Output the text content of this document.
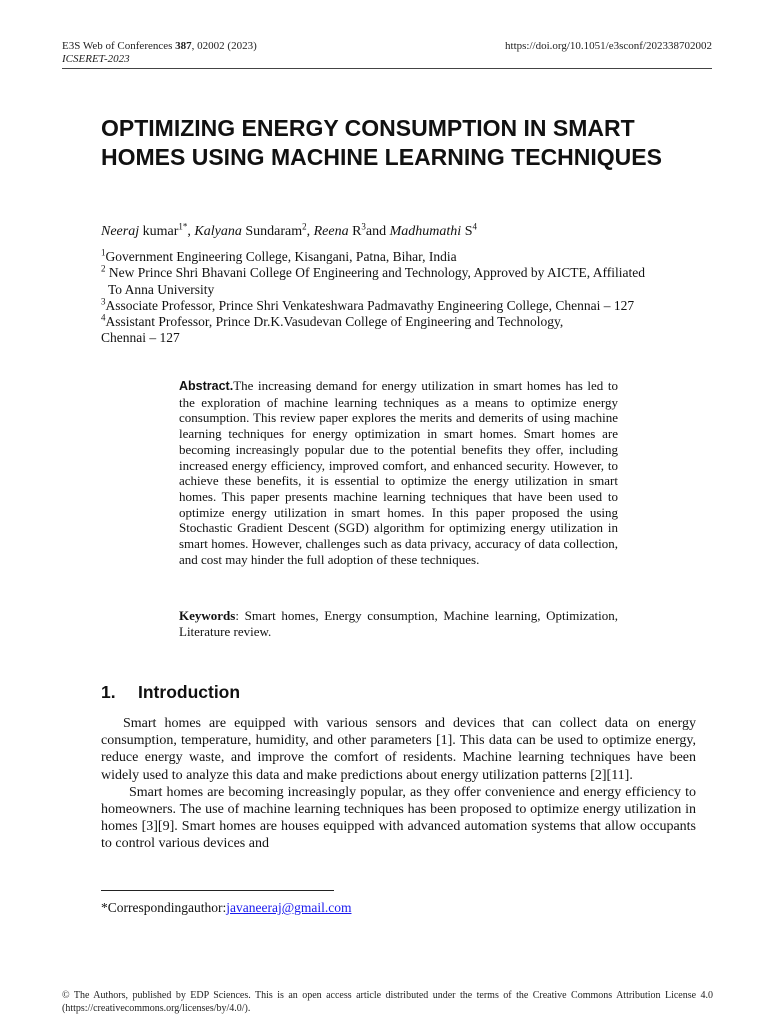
E3S Web of Conferences 387, 02002 (2023)
ICSERET-2023
https://doi.org/10.1051/e3sconf/202338702002
OPTIMIZING ENERGY CONSUMPTION IN SMART HOMES USING MACHINE LEARNING TECHNIQUES
Neeraj kumar$^{1*}$, Kalyana Sundaram$^2$, Reena $R^3and$ Madhumathi $S^4$
$^1$Government Engineering College, Kisangani, Patna, Bihar, India
$^2$ New Prince Shri Bhavani College Of Engineering and Technology, Approved by AICTE, Affiliated
To Anna University
$^3$Associate Professor, Prince Shri Venkateshwara Padmavathy Engineering College, Chennai – 127
$^4$Assistant Professor, Prince Dr.K.Vasudevan College of Engineering and Technology,
Chennai – 127
Abstract.The increasing demand for energy utilization in smart homes has led to the exploration of machine learning techniques as a means to optimize energy consumption. This review paper explores the merits and demerits of using machine learning techniques for energy optimization in smart homes. Smart homes are becoming increasingly popular due to the potential benefits they offer, including increased energy efficiency, improved comfort, and enhanced security. However, to achieve these benefits, it is essential to optimize the energy utilization in smart homes. This paper presents machine learning techniques that have been used to optimize energy utilization in smart homes. In this paper proposed the using Stochastic Gradient Descent (SGD) algorithm for optimizing energy utilization in smart homes. However, challenges such as data privacy, accuracy of data collection, and cost may hinder the full adoption of these techniques.
Keywords: Smart homes, Energy consumption, Machine learning, Optimization, Literature review.
1. Introduction

Smart homes are equipped with various sensors and devices that can collect data on energy consumption, temperature, humidity, and other parameters [1]. This data can be used to optimize energy, reduce energy waste, and improve the comfort of residents. Machine learning techniques have been widely used to analyze this data and make predictions about energy utilization patterns [2][11].

Smart homes are becoming increasingly popular, as they offer convenience and energy efficiency to homeowners. The use of machine learning techniques has been proposed to optimize energy utilization in homes [3][9]. Smart homes are houses equipped with advanced automation systems that allow occupants to control various devices and

*Correspondingauthor:javaneeraj@gmail.com
© The Authors, published by EDP Sciences. This is an open access article distributed under the terms of the Creative Commons Attribution License 4.0 (https://creativecommons.org/licenses/by/4.0/).
